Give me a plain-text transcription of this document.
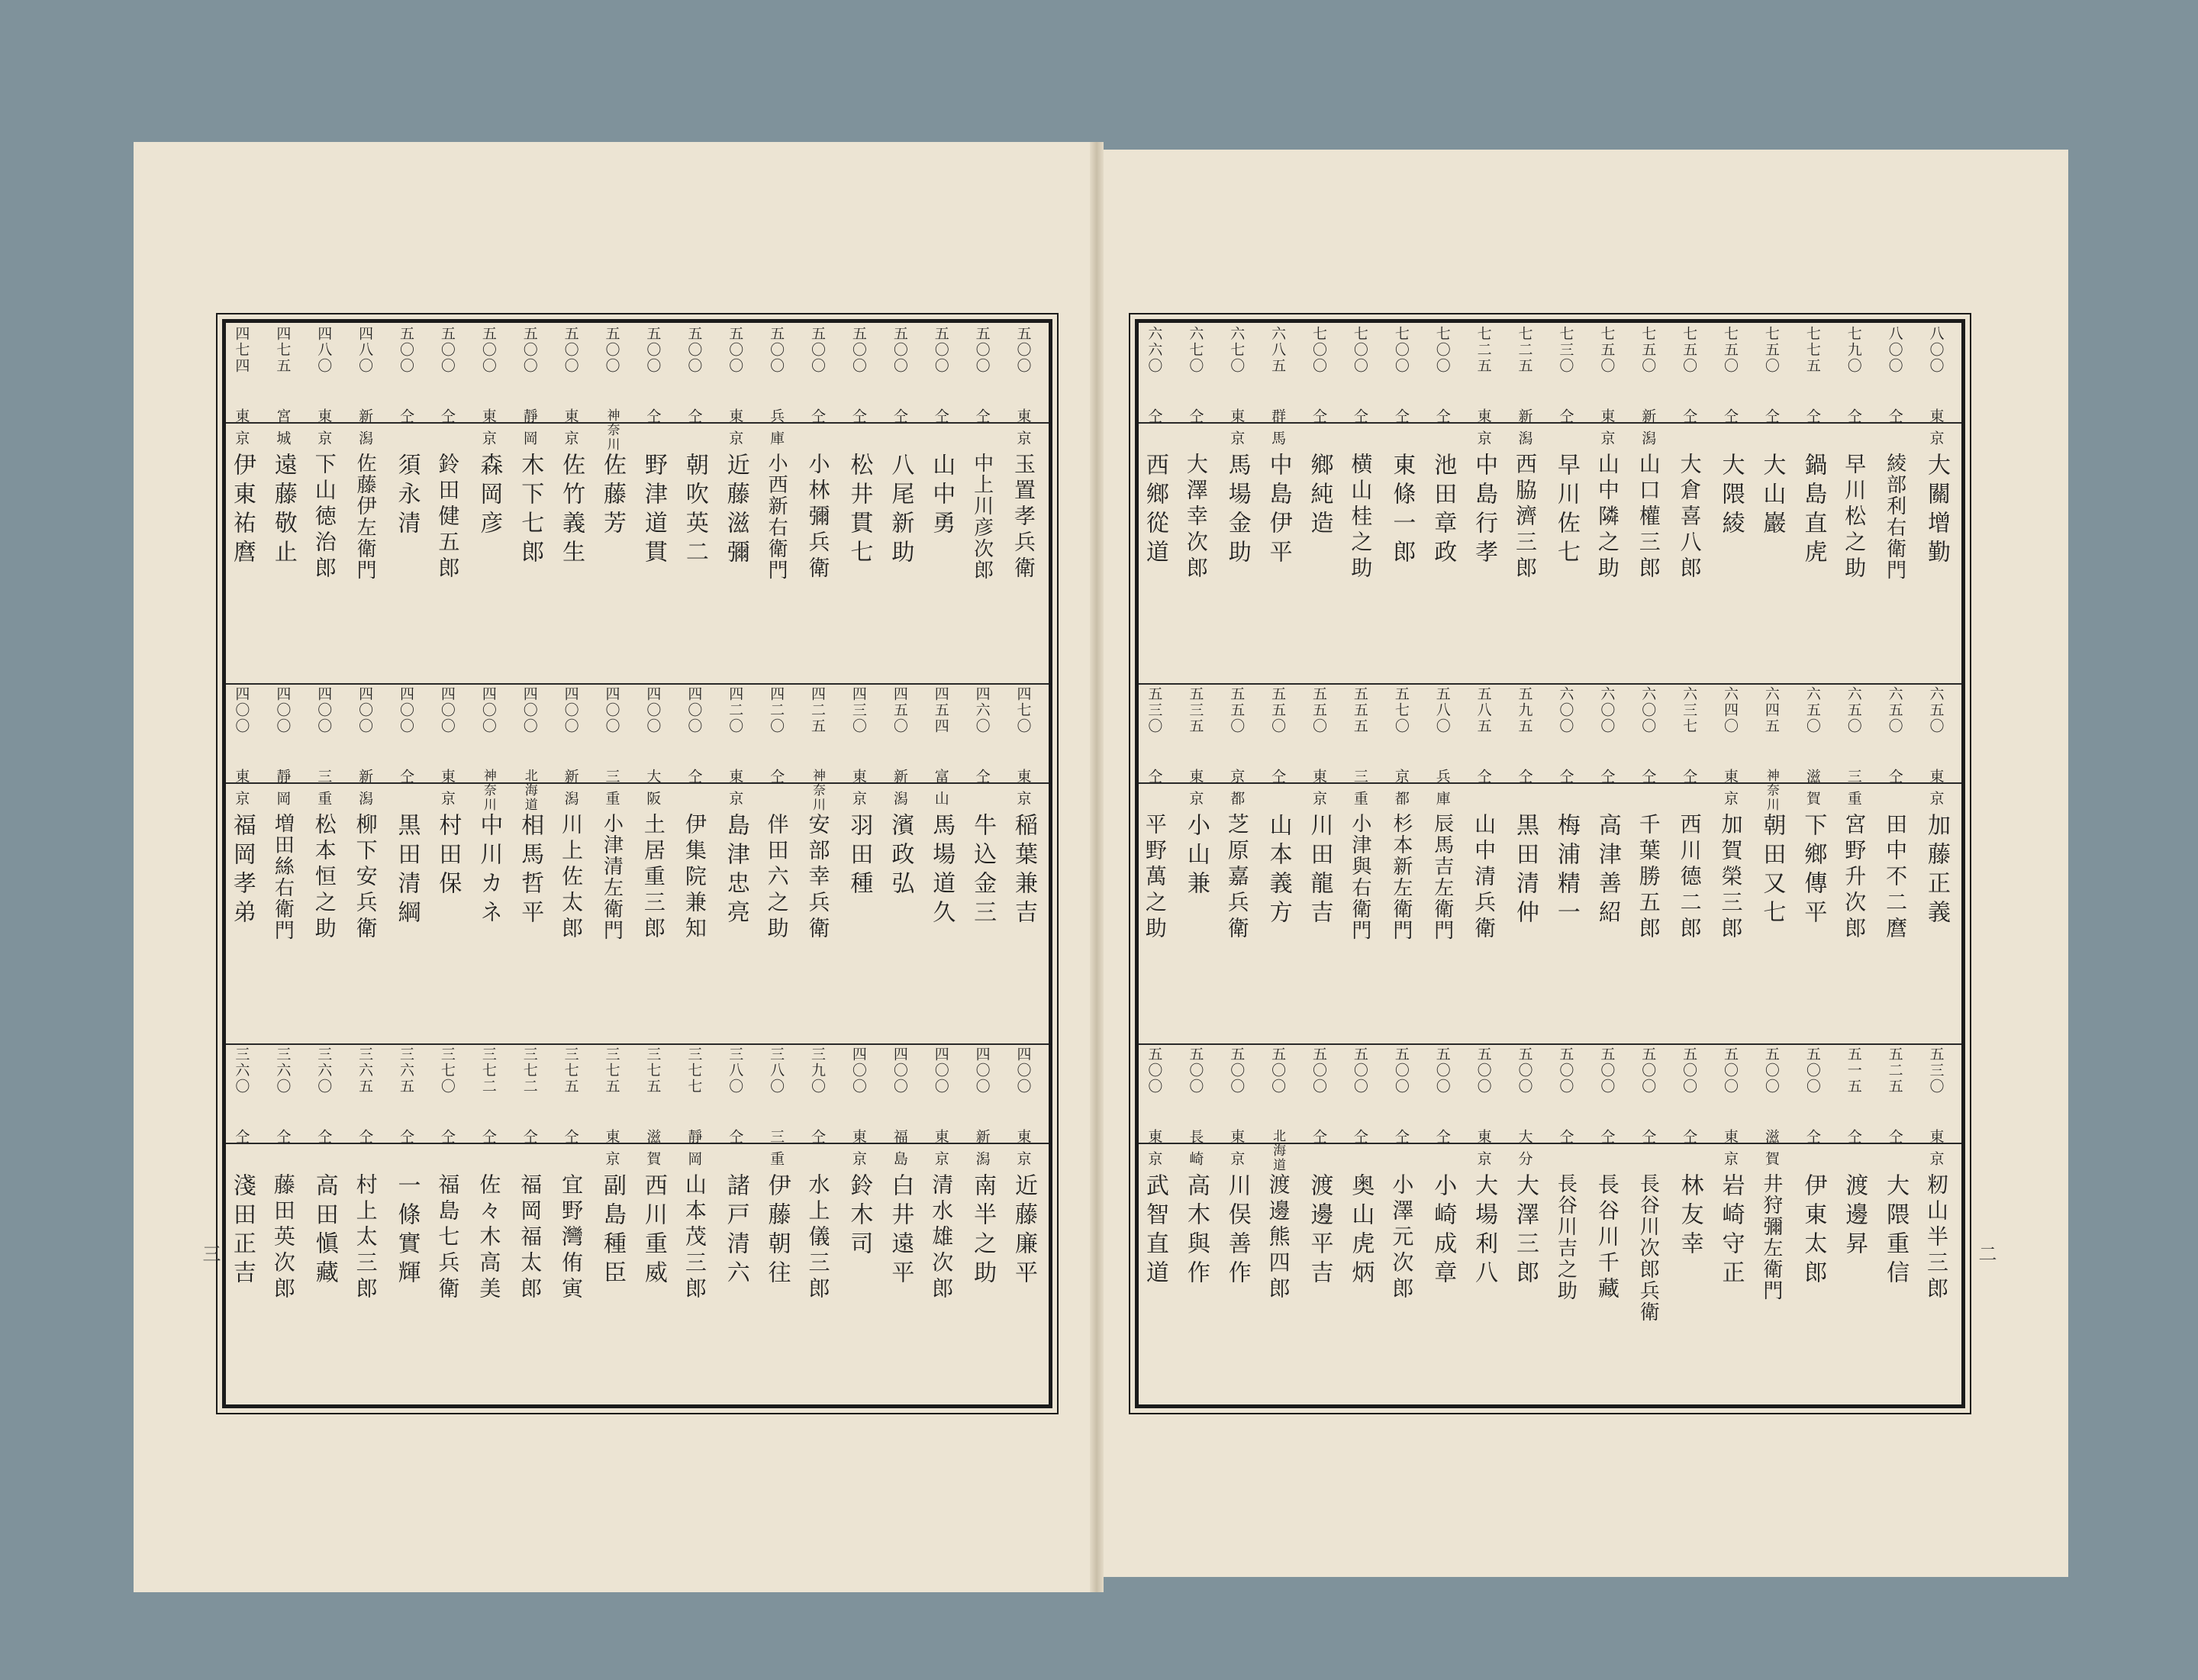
五〇〇
東京
玉置孝兵衛
五〇〇
仝
中上川彦次郎
五〇〇
仝
山中勇
五〇〇
仝
八尾新助
五〇〇
仝
松井貫七
五〇〇
仝
小林彌兵衛
五〇〇
兵庫
小西新右衛門
五〇〇
東京
近藤滋彌
五〇〇
仝
朝吹英二
五〇〇
仝
野津道貫
五〇〇
神奈川
佐藤芳
五〇〇
東京
佐竹義生
五〇〇
靜岡
木下七郎
五〇〇
東京
森岡彦
五〇〇
仝
鈴田健五郎
五〇〇
仝
須永清
四八〇
新潟
佐藤伊左衛門
四八〇
東京
下山徳治郎
四七五
宮城
遠藤敬止
四七四
東京
伊東祐麿
四七〇
東京
稲葉兼吉
四六〇
仝
牛込金三
四五四
富山
馬場道久
四五〇
新潟
濱政弘
四三〇
東京
羽田種
四二五
神奈川
安部幸兵衛
四二〇
仝
伴田六之助
四二〇
東京
島津忠亮
四〇〇
仝
伊集院兼知
四〇〇
大阪
土居重三郎
四〇〇
三重
小津清左衛門
四〇〇
新潟
川上佐太郎
四〇〇
北海道
相馬哲平
四〇〇
神奈川
中川カネ
四〇〇
東京
村田保
四〇〇
仝
黒田清綱
四〇〇
新潟
柳下安兵衛
四〇〇
三重
松本恒之助
四〇〇
靜岡
増田絲右衛門
四〇〇
東京
福岡孝弟
四〇〇
東京
近藤廉平
四〇〇
新潟
南半之助
四〇〇
東京
清水雄次郎
四〇〇
福島
白井遠平
四〇〇
東京
鈴木司
三九〇
仝
水上儀三郎
三八〇
三重
伊藤朝往
三八〇
仝
諸戸清六
三七七
靜岡
山本茂三郎
三七五
滋賀
西川重威
三七五
東京
副島種臣
三七五
仝
宜野灣侑寅
三七二
仝
福岡福太郎
三七二
仝
佐々木高美
三七〇
仝
福島七兵衛
三六五
仝
一條實輝
三六五
仝
村上太三郎
三六〇
仝
高田愼藏
三六〇
仝
藤田英次郎
三六〇
仝
淺田正吉
八〇〇
東京
大關增勤
八〇〇
仝
綾部利右衛門
七九〇
仝
早川松之助
七七五
仝
鍋島直虎
七五〇
仝
大山巖
七五〇
仝
大隈綾
七五〇
仝
大倉喜八郎
七五〇
新潟
山口權三郎
七五〇
東京
山中隣之助
七三〇
仝
早川佐七
七二五
新潟
西脇濟三郎
七二五
東京
中島行孝
七〇〇
仝
池田章政
七〇〇
仝
東條一郎
七〇〇
仝
横山桂之助
七〇〇
仝
鄉純造
六八五
群馬
中島伊平
六七〇
東京
馬場金助
六七〇
仝
大澤幸次郎
六六〇
仝
西鄉從道
六五〇
東京
加藤正義
六五〇
仝
田中不二麿
六五〇
三重
宮野升次郎
六五〇
滋賀
下鄉傳平
六四五
神奈川
朝田又七
六四〇
東京
加賀榮三郎
六三七
仝
西川德二郎
六〇〇
仝
千葉勝五郎
六〇〇
仝
高津善紹
六〇〇
仝
梅浦精一
五九五
仝
黒田清仲
五八五
仝
山中清兵衛
五八〇
兵庫
辰馬吉左衛門
五七〇
京都
杉本新左衛門
五五五
三重
小津與右衛門
五五〇
東京
川田龍吉
五五〇
仝
山本義方
五五〇
京都
芝原嘉兵衛
五三五
東京
小山兼
五三〇
仝
平野萬之助
五三〇
東京
籾山半三郎
五二五
仝
大隈重信
五一五
仝
渡邊昇
五〇〇
仝
伊東太郎
五〇〇
滋賀
井狩彌左衛門
五〇〇
東京
岩崎守正
五〇〇
仝
林友幸
五〇〇
仝
長谷川次郎兵衛
五〇〇
仝
長谷川千藏
五〇〇
仝
長谷川吉之助
五〇〇
大分
大澤三郎
五〇〇
東京
大場利八
五〇〇
仝
小崎成章
五〇〇
仝
小澤元次郎
五〇〇
仝
奥山虎炳
五〇〇
仝
渡邊平吉
五〇〇
北海道
渡邊熊四郎
五〇〇
東京
川俣善作
五〇〇
長崎
高木與作
五〇〇
東京
武智直道
三	二
